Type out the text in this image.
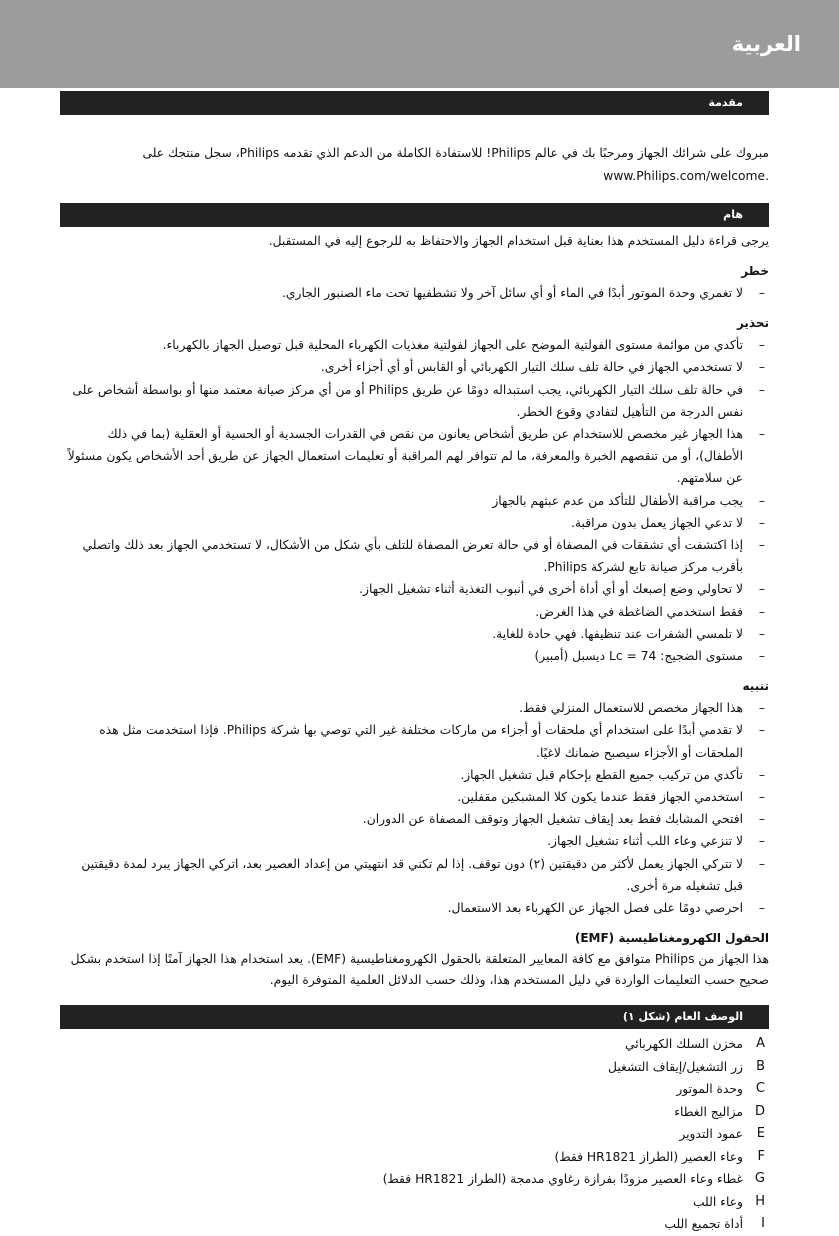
العربية
مقدمة

مبروك على شرائك الجهاز ومرحبًا بك في عالم Philips! للاستفادة الكاملة من الدعم الذي تقدمه Philips، سجل منتجك على

.www.Philips.com/welcome

هام

يرجى قراءة دليل المستخدم هذا بعناية قبل استخدام الجهاز والاحتفاظ به للرجوع إليه في المستقبل.

خطر

– لا تغمري وحدة الموتور أبدًا في الماء أو أي سائل آخر ولا تشطفيها تحت ماء الصنبور الجاري.

تحذير

– تأكدي من موائمة مستوى الفولتية الموضح على الجهاز لفولتية مغذيات الكهرباء المحلية قبل توصيل الجهاز بالكهرباء.
– لا تستخدمي الجهاز في حالة تلف سلك التيار الكهربائي أو القابس أو أي أجزاء أخرى.
– في حالة تلف سلك التيار الكهربائي، يجب استبداله دومًا عن طريق Philips أو من أي مركز صيانة معتمد منها أو بواسطة أشخاص على نفس الدرجة من التأهيل لتفادي وقوع الخطر.
– هذا الجهاز غير مخصص للاستخدام عن طريق أشخاص يعانون من نقص في القدرات الجسدية أو الحسية أو العقلية (بما في ذلك الأطفال)، أو من تنقصهم الخبرة والمعرفة، ما لم تتوافر لهم المراقبة أو تعليمات استعمال الجهاز عن طريق أحد الأشخاص يكون مسئولاً عن سلامتهم.
– يجب مراقبة الأطفال للتأكد من عدم عبثهم بالجهاز
– لا تدعي الجهاز يعمل بدون مراقبة.
– إذا اكتشفت أي تشققات في المصفاة أو في حالة تعرض المصفاة للتلف بأي شكل من الأشكال، لا تستخدمي الجهاز بعد ذلك واتصلي بأقرب مركز صيانة تابع لشركة Philips.
– لا تحاولي وضع إصبعك أو أي أداة أخرى في أنبوب التغذية أثناء تشغيل الجهاز.
– فقط استخدمي الضاغطة في هذا الغرض.
– لا تلمسي الشفرات عند تنظيفها. فهي حادة للغاية.
– مستوى الضجيج: Lc = 74 ديسبل (أمبير)

تنبيه

– هذا الجهاز مخصص للاستعمال المنزلي فقط.
– لا تقدمي أبدًا على استخدام أي ملحقات أو أجزاء من ماركات مختلفة غير التي توصي بها شركة Philips. فإذا استخدمت مثل هذه الملحقات أو الأجزاء سيصبح ضمانك لاغيًا.
– تأكدي من تركيب جميع القطع بإحكام قبل تشغيل الجهاز.
– استخدمي الجهاز فقط عندما يكون كلا المشبكين مقفلين.
– افتحي المشابك فقط بعد إيقاف تشغيل الجهاز وتوقف المصفاة عن الدوران.
– لا تنزعي وعاء اللب أثناء تشغيل الجهاز.
– لا تتركي الجهاز يعمل لأكثر من دقيقتين (٢) دون توقف. إذا لم تكني قد انتهيتي من إعداد العصير بعد، اتركي الجهاز يبرد لمدة دقيقتين قبل تشغيله مرة أخرى.
– احرصي دومًا على فصل الجهاز عن الكهرباء بعد الاستعمال.

الحقول الكهرومغناطيسية (EMF)

هذا الجهاز من Philips متوافق مع كافة المعايير المتعلقة بالحقول الكهرومغناطيسية (EMF). يعد استخدام هذا الجهاز آمنًا إذا استخدم بشكل صحيح حسب التعليمات الواردة في دليل المستخدم هذا، وذلك حسب الدلائل العلمية المتوفرة اليوم.

الوصف العام (شكل ١)
A
مخزن السلك الكهربائي
B
زر التشغيل/إيقاف التشغيل
C
وحدة الموتور
D
مزاليج الغطاء
E
عمود التدوير
F
وعاء العصير (الطراز HR1821 فقط)
G
غطاء وعاء العصير مزودًا بفرازة رغاوي مدمجة (الطراز HR1821 فقط)
H
وعاء اللب
I
أداة تجميع اللب
